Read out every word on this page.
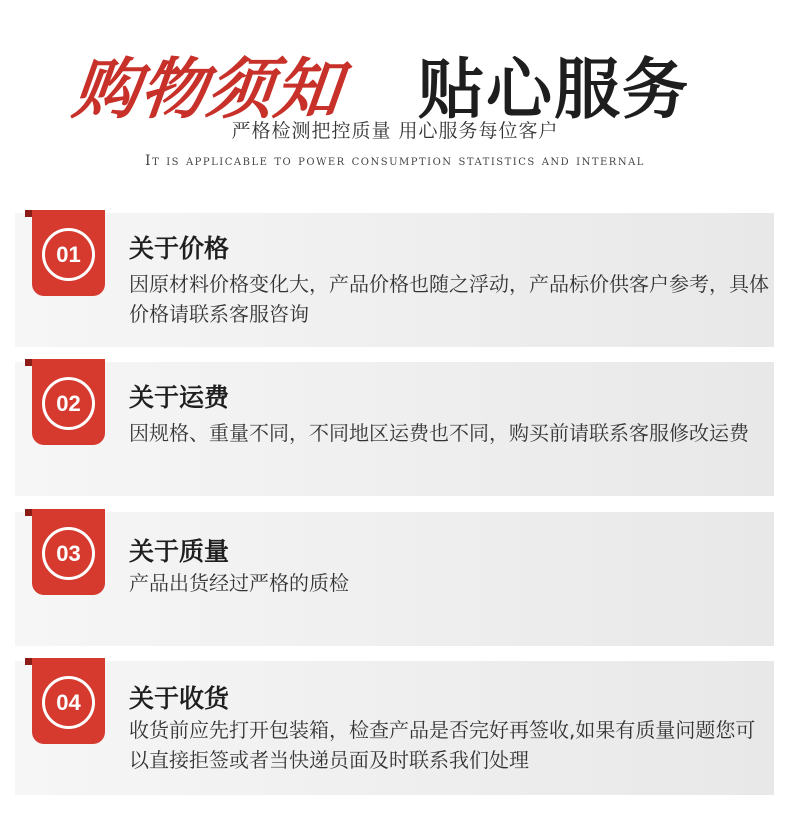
购物须知 贴心服务
严格检测把控质量 用心服务每位客户
It is applicable to power consumption statistics and internal
01 关于价格
因原材料价格变化大，产品价格也随之浮动，产品标价供客户参考，具体价格请联系客服咨询
02 关于运费
因规格、重量不同，不同地区运费也不同，购买前请联系客服修改运费
03 关于质量
产品出货经过严格的质检
04 关于收货
收货前应先打开包装箱，检查产品是否完好再签收,如果有质量问题您可以直接拒签或者当快递员面及时联系我们处理
